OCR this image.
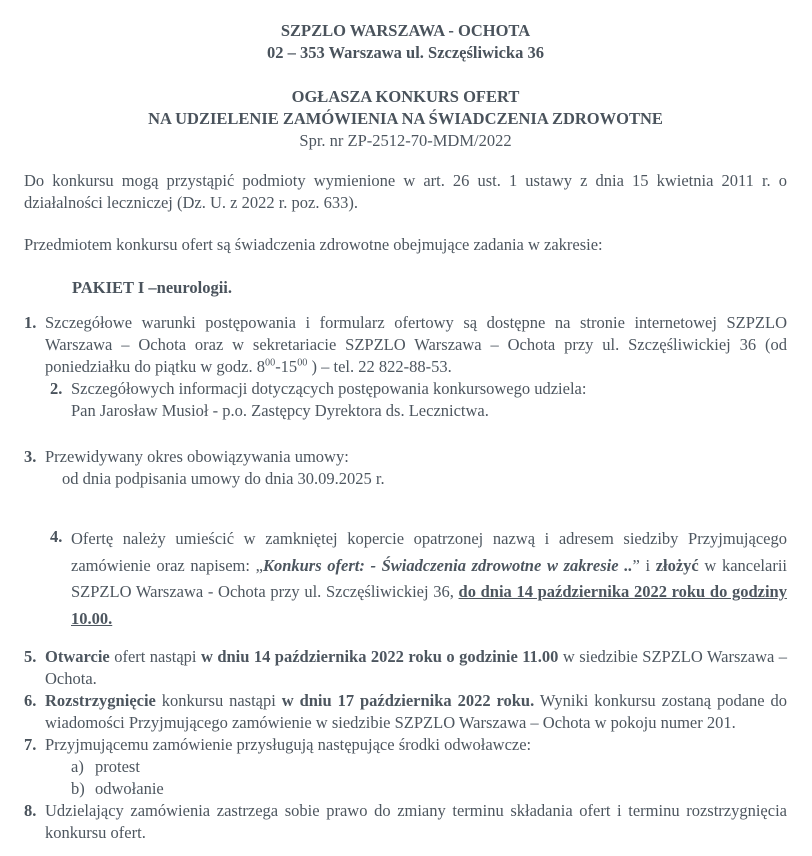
SZPZLO WARSZAWA - OCHOTA
02 – 353 Warszawa ul. Szczęśliwicka 36
OGŁASZA KONKURS OFERT
NA UDZIELENIE ZAMÓWIENIA NA ŚWIADCZENIA ZDROWOTNE
Spr. nr ZP-2512-70-MDM/2022

Do konkursu mogą przystąpić podmioty wymienione w art. 26 ust. 1 ustawy z dnia 15 kwietnia 2011 r. o działalności leczniczej (Dz. U. z 2022 r. poz. 633).

Przedmiotem konkursu ofert są świadczenia zdrowotne obejmujące zadania w zakresie:

PAKIET I –neurologii.
1. Szczegółowe warunki postępowania i formularz ofertowy są dostępne na stronie internetowej SZPZLO Warszawa – Ochota oraz w sekretariacie SZPZLO Warszawa – Ochota przy ul. Szczęśliwickiej 36 (od poniedziałku do piątku w godz. $8^{00}-15^{00}$ ) – tel. 22 822-88-53.
2. Szczegółowych informacji dotyczących postępowania konkursowego udziela:
Pan Jarosław Musioł - p.o. Zastępcy Dyrektora ds. Lecznictwa.
3. Przewidywany okres obowiązywania umowy:
od dnia podpisania umowy do dnia 30.09.2025 r.
4. Ofertę należy umieścić w zamkniętej kopercie opatrzonej nazwą i adresem siedziby Przyjmującego zamówienie oraz napisem: „Konkurs ofert: - Świadczenia zdrowotne w zakresie ..” i złożyć w kancelarii SZPZLO Warszawa - Ochota przy ul. Szczęśliwickiej 36, do dnia 14 października 2022 roku do godziny 10.00.
5. Otwarcie ofert nastąpi w dniu 14 października 2022 roku o godzinie 11.00 w siedzibie SZPZLO Warszawa – Ochota.
6. Rozstrzygnięcie konkursu nastąpi w dniu 17 października 2022 roku. Wyniki konkursu zostaną podane do wiadomości Przyjmującego zamówienie w siedzibie SZPZLO Warszawa – Ochota w pokoju numer 201.
7. Przyjmującemu zamówienie przysługują następujące środki odwoławcze:
a) protest
b) odwołanie
8. Udzielający zamówienia zastrzega sobie prawo do zmiany terminu składania ofert i terminu rozstrzygnięcia konkursu ofert.
